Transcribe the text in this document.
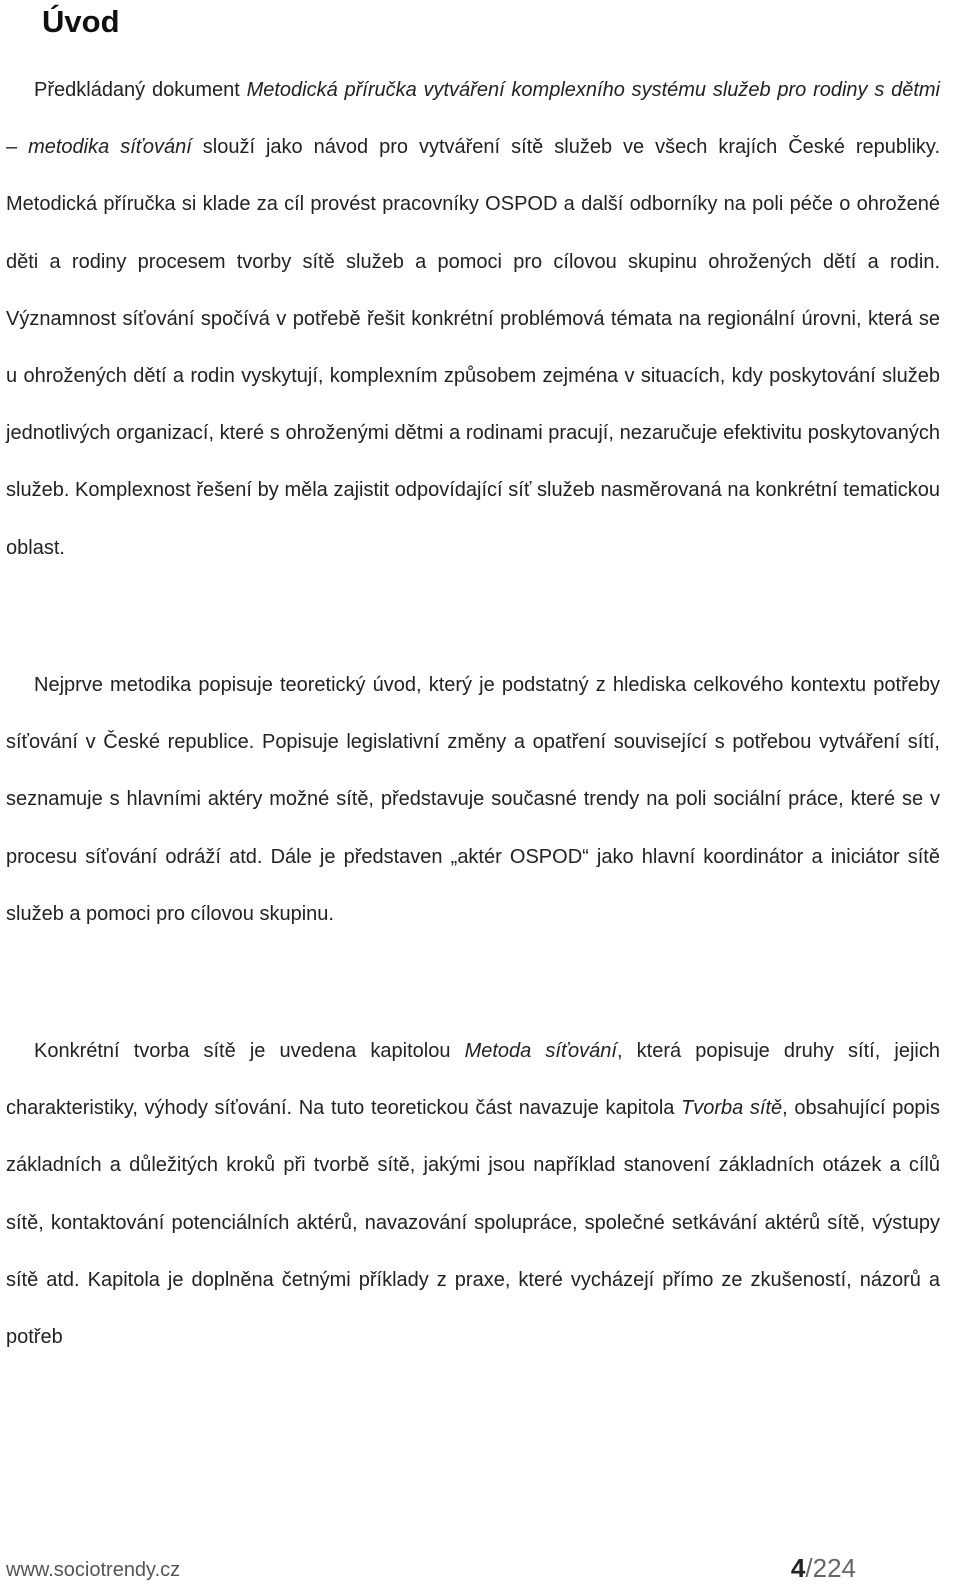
Úvod

Předkládaný dokument Metodická příručka vytváření komplexního systému služeb pro rodiny s dětmi – metodika síťování slouží jako návod pro vytváření sítě služeb ve všech krajích České republiky. Metodická příručka si klade za cíl provést pracovníky OSPOD a další odborníky na poli péče o ohrožené děti a rodiny procesem tvorby sítě služeb a pomoci pro cílovou skupinu ohrožených dětí a rodin. Významnost síťování spočívá v potřebě řešit konkrétní problémová témata na regionální úrovni, která se u ohrožených dětí a rodin vyskytují, komplexním způsobem zejména v situacích, kdy poskytování služeb jednotlivých organizací, které s ohroženými dětmi a rodinami pracují, nezaručuje efektivitu poskytovaných služeb. Komplexnost řešení by měla zajistit odpovídající síť služeb nasměrovaná na konkrétní tematickou oblast.

Nejprve metodika popisuje teoretický úvod, který je podstatný z hlediska celkového kontextu potřeby síťování v České republice. Popisuje legislativní změny a opatření související s potřebou vytváření sítí, seznamuje s hlavními aktéry možné sítě, představuje současné trendy na poli sociální práce, které se v procesu síťování odráží atd. Dále je představen „aktér OSPOD“ jako hlavní koordinátor a iniciátor sítě služeb a pomoci pro cílovou skupinu.

Konkrétní tvorba sítě je uvedena kapitolou Metoda síťování, která popisuje druhy sítí, jejich charakteristiky, výhody síťování. Na tuto teoretickou část navazuje kapitola Tvorba sítě, obsahující popis základních a důležitých kroků při tvorbě sítě, jakými jsou například stanovení základních otázek a cílů sítě, kontaktování potenciálních aktérů, navazování spolupráce, společné setkávání aktérů sítě, výstupy sítě atd. Kapitola je doplněna četnými příklady z praxe, které vycházejí přímo ze zkušeností, názorů a potřeb

www.sociotrendy.cz	4/224
